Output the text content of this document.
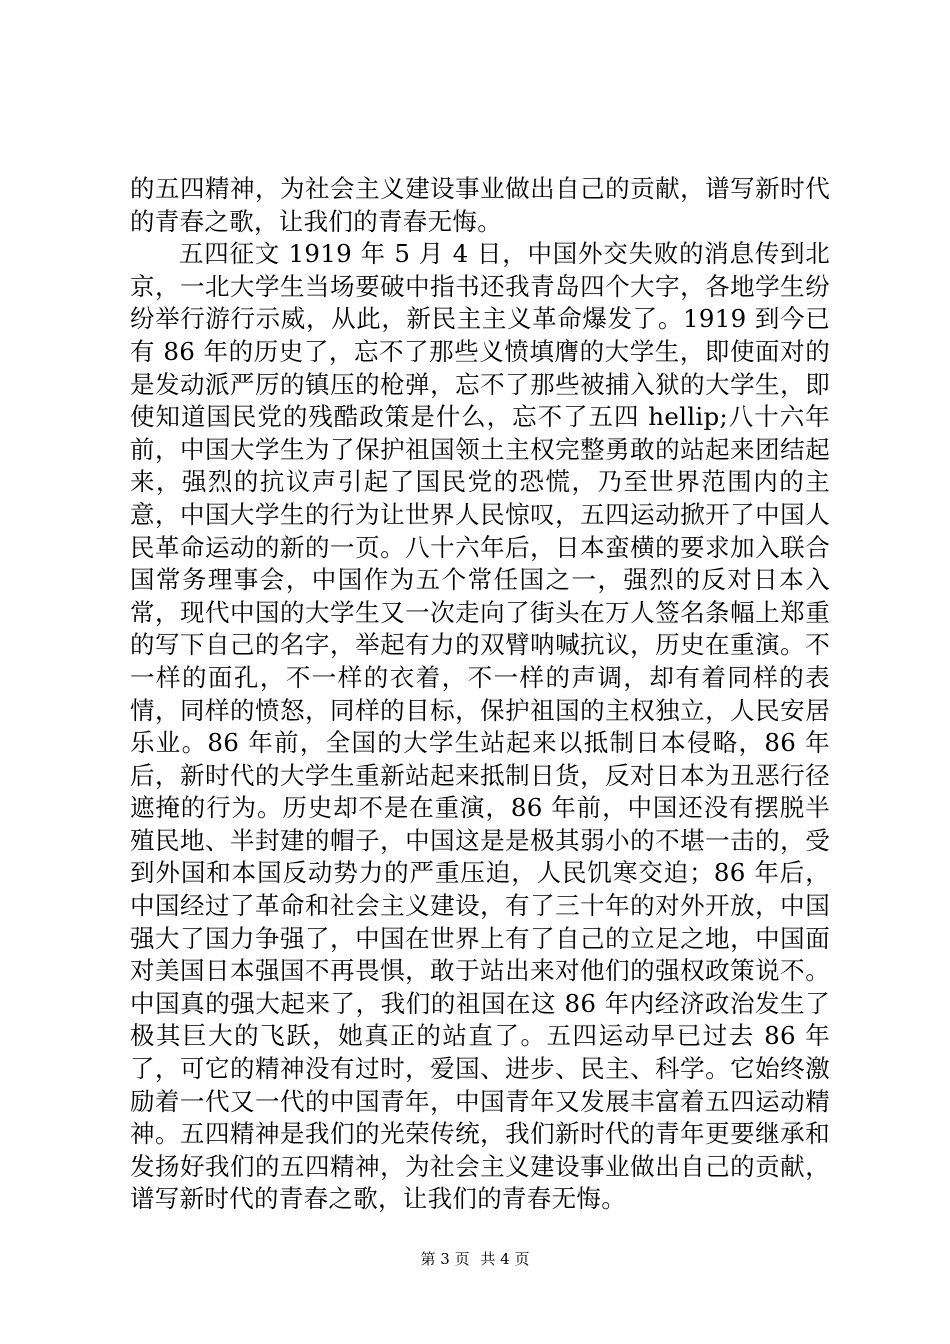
的五四精神，为社会主义建设事业做出自己的贡献，谱写新时代的青春之歌，让我们的青春无悔。

五四征文 1919 年 5 月 4 日，中国外交失败的消息传到北京，一北大学生当场要破中指书还我青岛四个大字，各地学生纷纷举行游行示威，从此，新民主主义革命爆发了。1919 到今已有 86 年的历史了，忘不了那些义愤填膺的大学生，即使面对的是发动派严厉的镇压的枪弹，忘不了那些被捕入狱的大学生，即使知道国民党的残酷政策是什么，忘不了五四 hellip;八十六年前，中国大学生为了保护祖国领土主权完整勇敢的站起来团结起来，强烈的抗议声引起了国民党的恐慌，乃至世界范围内的主意，中国大学生的行为让世界人民惊叹，五四运动掀开了中国人民革命运动的新的一页。八十六年后，日本蛮横的要求加入联合国常务理事会，中国作为五个常任国之一，强烈的反对日本入常，现代中国的大学生又一次走向了街头在万人签名条幅上郑重的写下自己的名字，举起有力的双臂呐喊抗议，历史在重演。不一样的面孔，不一样的衣着，不一样的声调，却有着同样的表情，同样的愤怒，同样的目标，保护祖国的主权独立，人民安居乐业。86 年前，全国的大学生站起来以抵制日本侵略，86 年后，新时代的大学生重新站起来抵制日货，反对日本为丑恶行径遮掩的行为。历史却不是在重演，86 年前，中国还没有摆脱半殖民地、半封建的帽子，中国这是是极其弱小的不堪一击的，受到外国和本国反动势力的严重压迫，人民饥寒交迫；86 年后，中国经过了革命和社会主义建设，有了三十年的对外开放，中国强大了国力争强了，中国在世界上有了自己的立足之地，中国面对美国日本强国不再畏惧，敢于站出来对他们的强权政策说不。中国真的强大起来了，我们的祖国在这 86 年内经济政治发生了极其巨大的飞跃，她真正的站直了。五四运动早已过去 86 年了，可它的精神没有过时，爱国、进步、民主、科学。它始终激励着一代又一代的中国青年，中国青年又发展丰富着五四运动精神。五四精神是我们的光荣传统，我们新时代的青年更要继承和发扬好我们的五四精神，为社会主义建设事业做出自己的贡献，谱写新时代的青春之歌，让我们的青春无悔。

第 3 页 共 4 页
